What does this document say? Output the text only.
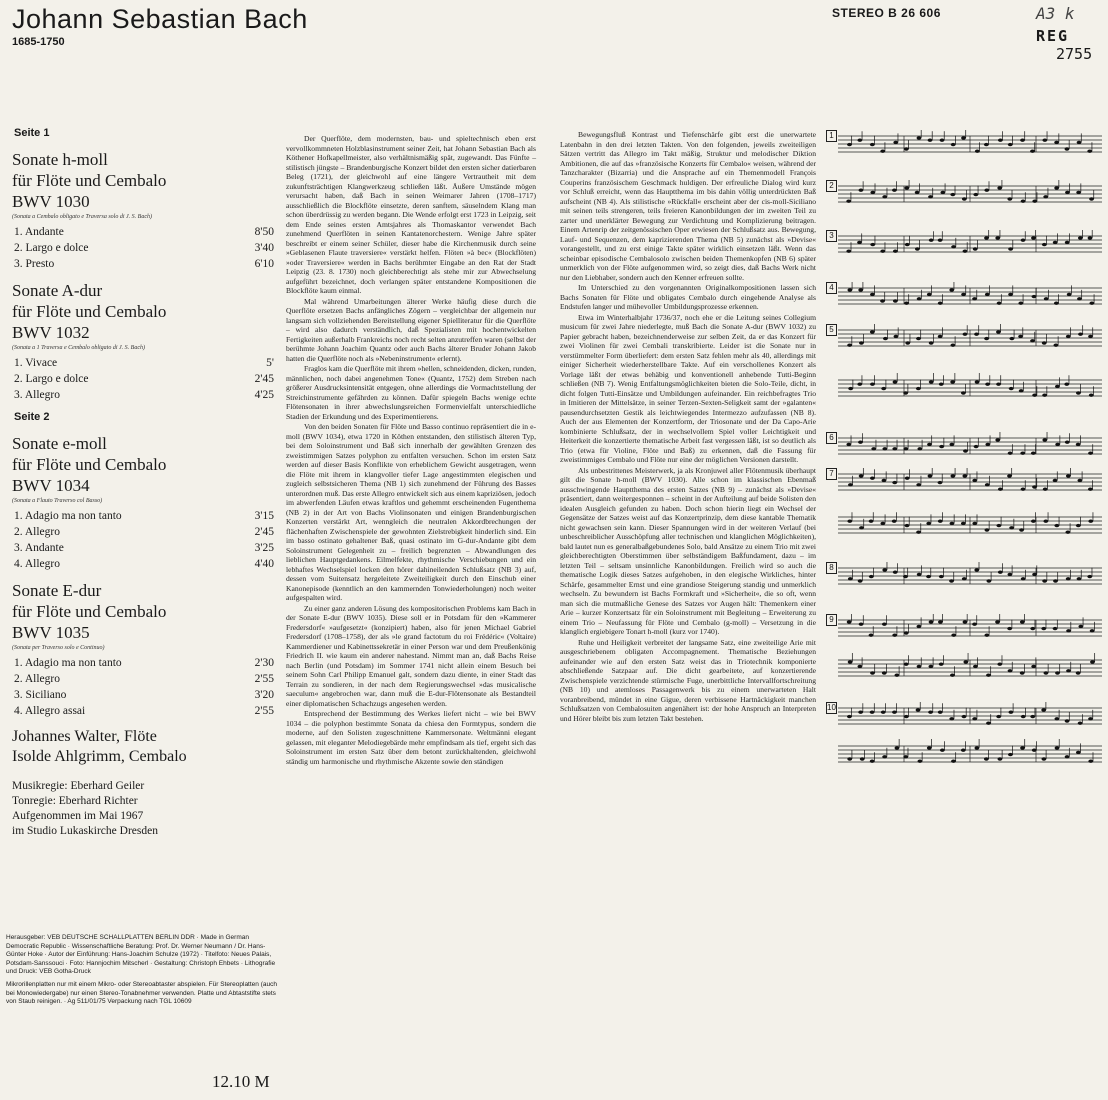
Johann Sebastian Bach
1685-1750
STEREO B 26 606	A3 k
REG
2755
Seite 1
Sonate h-moll
für Flöte und Cembalo
BWV 1030
(Sonata a Cembalo obligato e Traversa solo di J. S. Bach)
1. Andante	8'50
2. Largo e dolce	3'40
3. Presto	6'10
Sonate A-dur
für Flöte und Cembalo
BWV 1032
(Sonata a 1 Traversa e Cembalo obligato di J. S. Bach)
1. Vivace	5'
2. Largo e dolce	2'45
3. Allegro	4'25
Seite 2
Sonate e-moll
für Flöte und Cembalo
BWV 1034
(Sonata a Flauto Traverso col Basso)
1. Adagio ma non tanto	3'15
2. Allegro	2'45
3. Andante	3'25
4. Allegro	4'40
Sonate E-dur
für Flöte und Cembalo
BWV 1035
(Sonata per Traverso solo e Continuo)
1. Adagio ma non tanto	2'30
2. Allegro	2'55
3. Siciliano	3'20
4. Allegro assai	2'55
Johannes Walter, Flöte
Isolde Ahlgrimm, Cembalo
Musikregie: Eberhard Geiler
Tonregie: Eberhard Richter
Aufgenommen im Mai 1967
im Studio Lukaskirche Dresden

Herausgeber: VEB DEUTSCHE SCHALLPLATTEN BERLIN DDR · Made in German Democratic Republic · Wissenschaftliche Beratung: Prof. Dr. Werner Neumann / Dr. Hans-Günter Hoke · Autor der Einführung: Hans-Joachim Schulze (1972) · Titelfoto: Neues Palais, Potsdam-Sanssouci · Foto: Hannjochim Mitscherl · Gestaltung: Christoph Ehbets · Lithografie und Druck: VEB Gotha-Druck

Mikrorillenplatten nur mit einem Mikro- oder Stereoabtaster abspielen. Für Stereoplatten (auch bei Monowiedergabe) nur einen Stereo-Tonabnehmer verwenden. Platte und Abtaststifte stets von Staub reinigen. · Ag 511/01/75 Verpackung nach TGL 10609

12.10 M

Der Querflöte, dem modernsten, bau- und spieltechnisch eben erst vervollkommneten Holzblasinstrument seiner Zeit, hat Johann Sebastian Bach als Köthener Hofkapellmeister, also verhältnismäßig spät, zugewandt. Das Fünfte – stilistisch jüngste – Brandenburgische Konzert bildet den ersten sicher datierbaren Beleg (1721), der gleichwohl auf eine längere Vertrautheit mit dem zukunftsträchtigen Klangwerkzeug schließen läßt. Äußere Umstände mögen verursacht haben, daß Bach in seinen Weimarer Jahren (1708–1717) ausschließlich die Blockflöte einsetzte, deren sanftem, säuselndem Klang man schon überdrüssig zu werden begann. Die Wende erfolgt erst 1723 in Leipzig, seit dem Ende seines ersten Amtsjahres als Thomaskantor verwendet Bach zunehmend Querflöten in seinen Kantatenorchestern. Wenige Jahre später beschreibt er einem seiner Schüler, dieser habe die Kirchenmusik durch seine »Geblasenen Flaute traversiere« verstärkt helfen. Flöten »à bec« (Blockflöten) »oder Traversiere« werden in Bachs berühmter Eingabe an den Rat der Stadt Leipzig (23. 8. 1730) noch gleichberechtigt als stehe mir zur Abwechselung aufgeführt bezeichnet, doch verlangen später entstandene Kompositionen die Blockflöte kaum einmal.

Mal während Umarbeitungen älterer Werke häufig diese durch die Querflöte ersetzen Bachs anfängliches Zögern – vergleichbar der allgemein nur langsam sich vollziehenden Bereitstellung eigener Spielliteratur für die Querflöte – wird also dadurch verständlich, daß Spezialisten mit hochentwickelten Fertigkeiten außerhalb Frankreichs noch recht selten anzutreffen waren (selbst der berühmte Johann Joachim Quantz oder auch Bachs älterer Bruder Johann Jakob hatten die Querflöte noch als »Nebeninstrument« erlernt).

Fraglos kam die Querflöte mit ihrem »hellen, schneidenden, dicken, runden, männlichen, noch dabei angenehmen Tone« (Quantz, 1752) dem Streben nach größerer Ausdrucksintensität entgegen, ohne allerdings die Vormachtstellung der Streichinstrumente gefährden zu können. Dafür spiegeln Bachs wenige echte Flötensonaten in ihrer abwechslungsreichen Formenvielfalt unterschiedliche Stadien der Erkundung und des Experimentierens.

Von den beiden Sonaten für Flöte und Basso continuo repräsentiert die in e-moll (BWV 1034), etwa 1720 in Köthen entstanden, den stilistisch älteren Typ, bei dem Soloinstrument und Baß sich innerhalb der gewählten Grenzen des zweistimmigen Satzes polyphon zu entfalten versuchen. Schon im ersten Satz werden auf dieser Basis Konflikte von erheblichem Gewicht ausgetragen, wenn die Flöte mit ihrem in klangvoller tiefer Lage angestimmten elegischen und zugleich selbstsicheren Thema (NB 1) sich zunehmend der Führung des Basses unterordnen muß. Das erste Allegro entwickelt sich aus einem kapriziösen, jedoch im abwerfenden Läufen etwas kraftlos und gehemmt erscheinenden Fugenthema (NB 2) in der Art von Bachs Violinsonaten und einigen Brandenburgischen Konzerten verstärkt Art, wenngleich die neutralen Akkordbrechungen der flächenhaften Zwischenspiele der gewohnten Zielstrebigkeit hinderlich sind. Ein im basso ostinato gehaltener Baß, quasi ostinato im G-dur-Andante gibt dem Soloinstrument Gelegenheit zu – freilich begrenzten – Abwandlungen des lieblichen Hauptgedankens. Eilmelfekte, rhythmische Verschiebungen und ein lebhaftes Wechselspiel locken den hörer dahineilenden Schlußsatz (NB 3) auf, dessen vom Suitensatz hergeleitete Zweiteiligkeit durch den Einschub einer Kanonepisode (kenntlich an den kammernden Tonwiederholungen) noch weiter aufgespalten wird.

Zu einer ganz anderen Lösung des kompositorischen Problems kam Bach in der Sonate E-dur (BWV 1035). Diese soll er in Potsdam für den »Kammerer Fredersdorf« »aufgesetzt« (konzipiert) haben, also für jenen Michael Gabriel Fredersdorf (1708–1758), der als »le grand factotum du roi Frédéric« (Voltaire) Kammerdiener und Kabinettssekretär in einer Person war und dem Preußenkönig Friedrich II. wie kaum ein anderer nahestand. Nimmt man an, daß Bachs Reise nach Berlin (und Potsdam) im Sommer 1741 nicht allein einem Besuch bei seinem Sohn Carl Philipp Emanuel galt, sondern dazu diente, in einer Stadt das Terrain zu sondieren, in der nach dem Regierungswechsel »das musicalische saeculum« angebrochen war, dann muß die E-dur-Flötensonate als Bestandteil einer diplomatischen Schachzugs angesehen werden.

Entsprechend der Bestimmung des Werkes liefert nicht – wie bei BWV 1034 – die polyphon bestimmte Sonata da chiesa den Formtypus, sondern die moderne, auf den Solisten zugeschnittene Kammersonate. Weltmänni elegant gelassen, mit eleganter Melodiegebärde mehr empfindsam als tief, ergeht sich das Soloinstrument im ersten Satz über dem betont zurückhaltenden, gleichwohl ständig um harmonische und rhythmische Akzente sowie den ständigen

Bewegungsfluß Kontrast und Tiefenschärfe gibt erst die unerwartete Latenbahn in den drei letzten Takten. Von den folgenden, jeweils zweiteiligen Sätzen vertritt das Allegro im Takt mäßig, Struktur und melodischer Diktion Ambitionen, die auf das »französische Konzerts für Cembalo« weisen, während der Tanzcharakter (Bizarria) und die Ansprache auf ein Themenmodell François Couperins französischem Geschmack huldigen. Der erfreuliche Dialog wird kurz vor Schluß erreicht, wenn das Hauptthema im bis dahin völlig unterdrückten Baß aufscheint (NB 4). Als stilistische »Rückfall« erscheint aber der cis-moll-Siciliano mit seinen teils strengeren, teils freieren Kanonbildungen der im zweiten Teil zu zarter und unerklärter Bewegung zur Verdichtung und Komplizierung beitragen. Einem Artenrip der zeitgenössischen Oper erwiesen der Schlußsatz aus. Bewegung, Lauf- und Sequenzen, dem kaprizierenden Thema (NB 5) zunächst als »Devise« vorangestellt, und zu erst einige Takte später wirklich einsetzen läßt. Wenn das scheinbar episodische Cembalosolo zwischen beiden Themenkopfen (NB 6) später unmerklich von der Flöte aufgenommen wird, so zeigt dies, daß Bachs Werk nicht nur den Liebhaber, sondern auch den Kenner erfreuen sollte.

Im Unterschied zu den vorgenannten Originalkompositionen lassen sich Bachs Sonaten für Flöte und obligates Cembalo durch eingehende Analyse als Endstufen langer und mühevoller Umbildungsprozesse erkennen.

Etwa im Winterhalbjahr 1736/37, noch ehe er die Leitung seines Collegium musicum für zwei Jahre niederlegte, muß Bach die Sonate A-dur (BWV 1032) zu Papier gebracht haben, bezeichnenderweise zur selben Zeit, da er das Konzert für zwei Violinen für zwei Cembali transkribierte. Leider ist die Sonate nur in verstümmelter Form überliefert: dem ersten Satz fehlen mehr als 40, allerdings mit einiger Sicherheit wiederherstellbare Takte. Auf ein verschollenes Konzert als Vorlage läßt der etwas behäbig und konventionell anhebende Tutti-Beginn schließen (NB 7). Wenig Entfaltungsmöglichkeiten bieten die Solo-Teile, dicht, in dicht folgen Tutti-Einsätze und Umbildungen aufeinander. Ein reichbefragtes Trio in Imitieren der Mittelsätze, in seiner Terzen-Sexten-Seligkeit samt der »galanten« pausendurchsetzten Gestik als leichtwiegendes Intermezzo aufzufassen (NB 8). Auch der aus Elementen der Konzertform, der Triosonate und der Da Capo-Arie kombinierte Schlußsatz, der in wechselvollem Spiel voller Leichtigkeit und Heiterkeit die konzertierte thematische Arbeit fast vergessen läßt, ist so deutlich als Trio (etwa für Violine, Flöte und Baß) zu erkennen, daß die Fassung für zweistimmiges Cembalo und Flöte nur eine der möglichen Versionen darstellt.

Als unbestrittenes Meisterwerk, ja als Kronjuwel aller Flötenmusik überhaupt gilt die Sonate h-moll (BWV 1030). Alle schon im klassischen Ebenmaß ausschwingende Hauptthema des ersten Satzes (NB 9) – zunächst als »Devise« präsentiert, dann weitergesponnen – scheint in der Aufteilung auf beide Solisten den idealen Ausgleich gefunden zu haben. Doch schon hierin liegt ein Wechsel der Gegensätze der Satzes weist auf das Konzertprinzip, dem diese kantable Thematik nicht gewachsen sein kann. Dieser Spannungen wird in der weiteren Verlauf (bei unbeschreiblicher Ausschöpfung aller technischen und klanglichen Möglichkeiten), bald lautet nun es generalbaßgebundenes Solo, bald Ansätze zu einem Trio mit zwei gleichberechtigten Oberstimmen über selbständigem Baßfundament, dazu – im letzten Teil – seltsam unsinnliche Kanonbildungen. Freilich wird so auch die thematische Logik dieses Satzes aufgehoben, in den elegische Wirkliches, hinter Schärfe, gesammelter Ernst und eine grandiose Steigerung standig und unmerklich wechseln. Zu bewundern ist Bachs Formkraft und »Sicherheit«, die so oft, wenn man sich die mutmaßliche Genese des Satzes vor Augen hält: Themenkern einer Arie – kurzer Konzertsatz für ein Soloinstrument mit Begleitung – Erweiterung zu einem Trio – Neufassung für Flöte und Cembalo (g-moll) – Versetzung in die klanglich ergiebigere Tonart h-moll (kurz vor 1740).

Ruhe und Heiligkeit verbreitet der langsame Satz, eine zweiteilige Arie mit ausgeschriebenem obligaten Accompagnement. Thematische Beziehungen aufeinander wie auf den ersten Satz weist das in Triotechnik komponierte abschließende Satzpaar auf. Die dicht gearbeitete, auf konzertierende Zwischenspiele verzichtende stürmische Fuge, unerbittliche Intervallfortschreitung (NB 10) und atemloses Passagenwerk bis zu einem unerwarteten Halt voranbreibend, mündet in eine Gigue, deren verbissene Hartnäckigkeit manchen Schlußsatzen von Cembalosuiten angenähert ist: der hohe Anspruch an Interpreten und Hörer bleibt bis zum letzten Takt bestehen.

1
2
3
4
5
6
7
8
9
10
